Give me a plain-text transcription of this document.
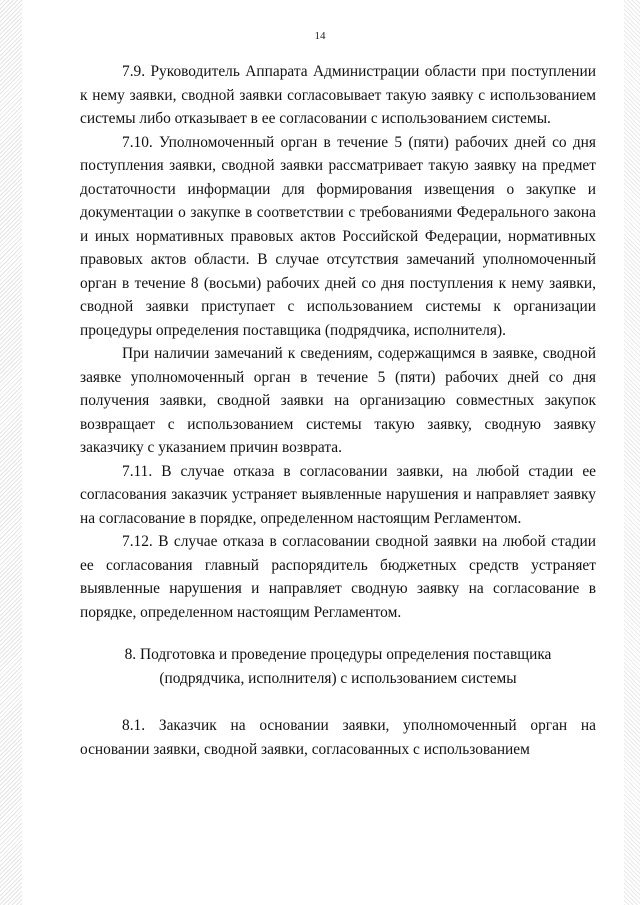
14

7.9. Руководитель Аппарата Администрации области при поступлении к нему заявки, сводной заявки согласовывает такую заявку с использованием системы либо отказывает в ее согласовании с использованием системы.

7.10. Уполномоченный орган в течение 5 (пяти) рабочих дней со дня поступления заявки, сводной заявки рассматривает такую заявку на предмет достаточности информации для формирования извещения о закупке и документации о закупке в соответствии с требованиями Федерального закона и иных нормативных правовых актов Российской Федерации, нормативных правовых актов области. В случае отсутствия замечаний уполномоченный орган в течение 8 (восьми) рабочих дней со дня поступления к нему заявки, сводной заявки приступает с использованием системы к организации процедуры определения поставщика (подрядчика, исполнителя).

При наличии замечаний к сведениям, содержащимся в заявке, сводной заявке уполномоченный орган в течение 5 (пяти) рабочих дней со дня получения заявки, сводной заявки на организацию совместных закупок возвращает с использованием системы такую заявку, сводную заявку заказчику с указанием причин возврата.

7.11. В случае отказа в согласовании заявки, на любой стадии ее согласования заказчик устраняет выявленные нарушения и направляет заявку на согласование в порядке, определенном настоящим Регламентом.

7.12. В случае отказа в согласовании сводной заявки на любой стадии ее согласования главный распорядитель бюджетных средств устраняет выявленные нарушения и направляет сводную заявку на согласование в порядке, определенном настоящим Регламентом.

8. Подготовка и проведение процедуры определения поставщика (подрядчика, исполнителя) с использованием системы

8.1. Заказчик на основании заявки, уполномоченный орган на основании заявки, сводной заявки, согласованных с использованием
